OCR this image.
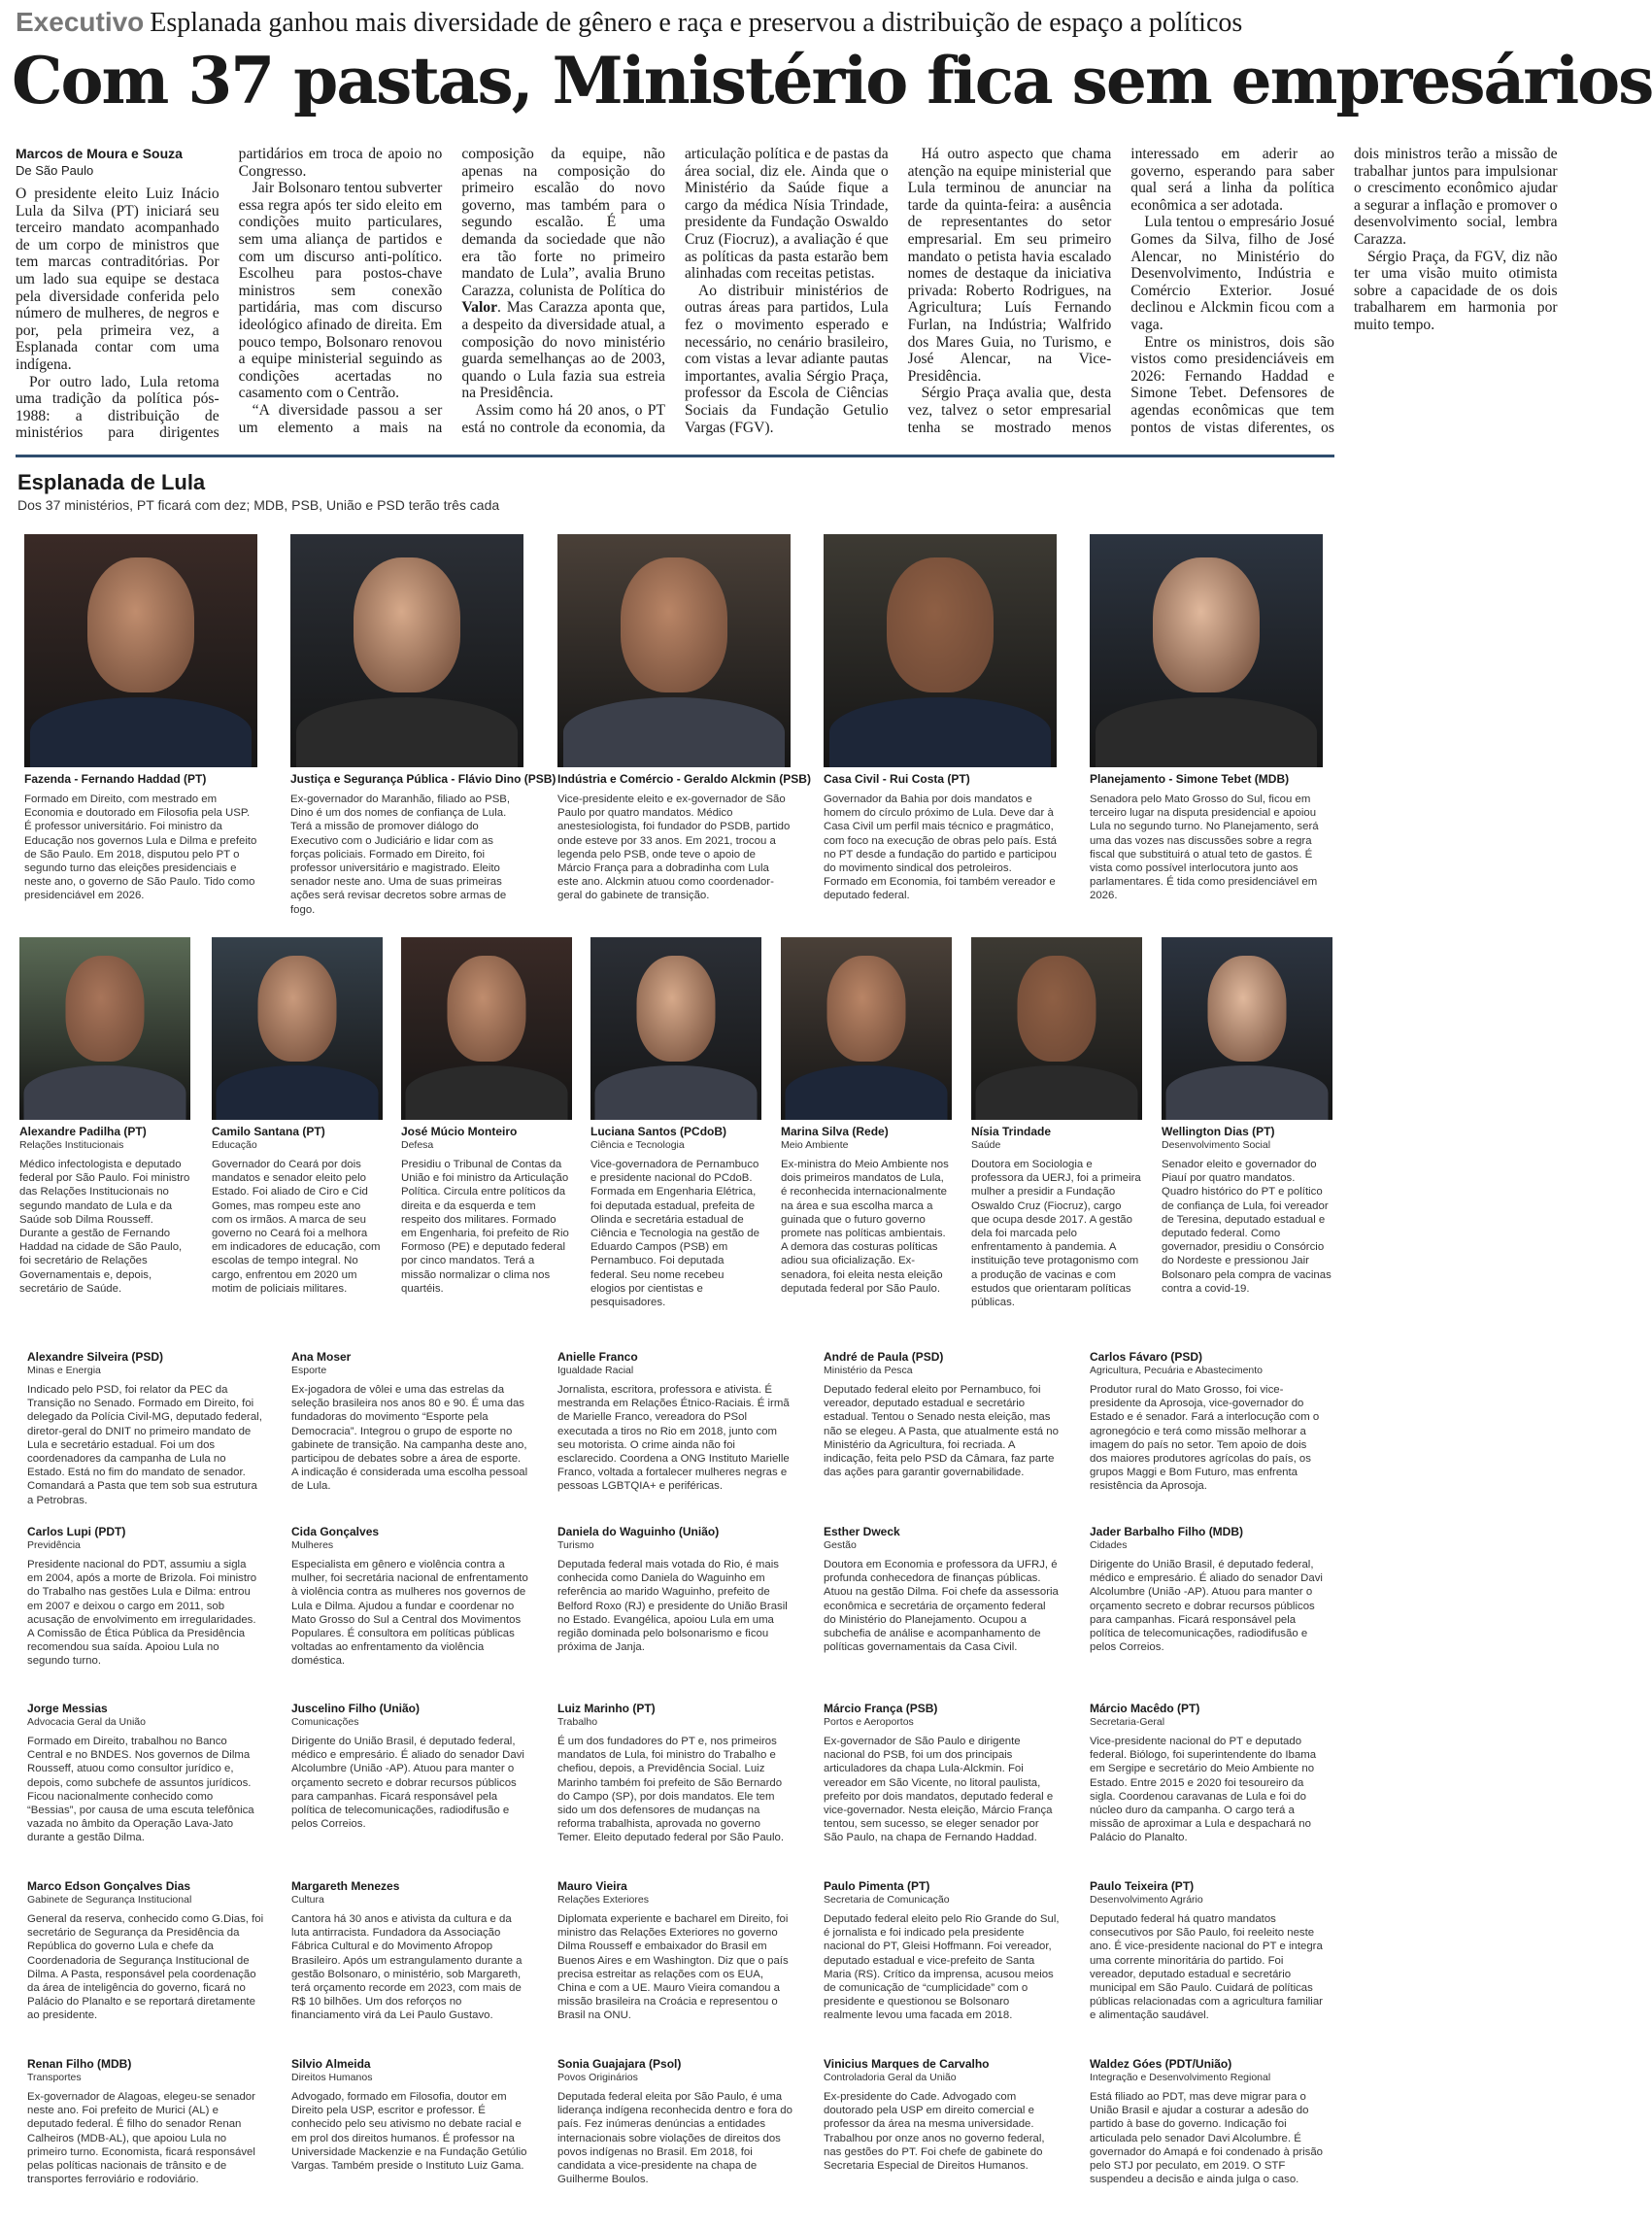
Executivo Esplanada ganhou mais diversidade de gênero e raça e preservou a distribuição de espaço a políticos
Com 37 pastas, Ministério fica sem empresários
Marcos de Moura e Souza
De São Paulo

O presidente eleito Luiz Inácio Lula da Silva (PT) iniciará seu terceiro mandato acompanhado de um corpo de ministros que tem marcas contraditórias. Por um lado sua equipe se destaca pela diversidade conferida pelo número de mulheres, de negros e por, pela primeira vez, a Esplanada contar com uma indígena.

Por outro lado, Lula retoma uma tradição da política pós-1988: a distribuição de ministérios para dirigentes partidários em troca de apoio no Congresso.

Jair Bolsonaro tentou subverter essa regra após ter sido eleito em condições muito particulares, sem uma aliança de partidos e com um discurso anti-político. Escolheu para postos-chave ministros sem conexão partidária, mas com discurso ideológico afinado de direita. Em pouco tempo, Bolsonaro renovou a equipe ministerial seguindo as condições acertadas no casamento com o Centrão.

“A diversidade passou a ser um elemento a mais na composição da equipe, não apenas na composição do primeiro escalão do novo governo, mas também para o segundo escalão. É uma demanda da sociedade que não era tão forte no primeiro mandato de Lula”, avalia Bruno Carazza, colunista de Política do Valor. Mas Carazza aponta que, a despeito da diversidade atual, a composição do novo ministério guarda semelhanças ao de 2003, quando o Lula fazia sua estreia na Presidência.

Assim como há 20 anos, o PT está no controle da economia, da articulação política e de pastas da área social, diz ele. Ainda que o Ministério da Saúde fique a cargo da médica Nísia Trindade, presidente da Fundação Oswaldo Cruz (Fiocruz), a avaliação é que as políticas da pasta estarão bem alinhadas com receitas petistas.

Ao distribuir ministérios de outras áreas para partidos, Lula fez o movimento esperado e necessário, no cenário brasileiro, com vistas a levar adiante pautas importantes, avalia Sérgio Praça, professor da Escola de Ciências Sociais da Fundação Getulio Vargas (FGV).

Há outro aspecto que chama atenção na equipe ministerial que Lula terminou de anunciar na tarde da quinta-feira: a ausência de representantes do setor empresarial. Em seu primeiro mandato o petista havia escalado nomes de destaque da iniciativa privada: Roberto Rodrigues, na Agricultura; Luís Fernando Furlan, na Indústria; Walfrido dos Mares Guia, no Turismo, e José Alencar, na Vice-Presidência.

Sérgio Praça avalia que, desta vez, talvez o setor empresarial tenha se mostrado menos interessado em aderir ao governo, esperando para saber qual será a linha da política econômica a ser adotada.

Lula tentou o empresário Josué Gomes da Silva, filho de José Alencar, no Ministério do Desenvolvimento, Indústria e Comércio Exterior. Josué declinou e Alckmin ficou com a vaga.

Entre os ministros, dois são vistos como presidenciáveis em 2026: Fernando Haddad e Simone Tebet. Defensores de agendas econômicas que tem pontos de vistas diferentes, os dois ministros terão a missão de trabalhar juntos para impulsionar o crescimento econômico ajudar a segurar a inflação e promover o desenvolvimento social, lembra Carazza.

Sérgio Praça, da FGV, diz não ter uma visão muito otimista sobre a capacidade de os dois trabalharem em harmonia por muito tempo.

Esplanada de Lula
Dos 37 ministérios, PT ficará com dez; MDB, PSB, União e PSD terão três cada
Fazenda - Fernando Haddad (PT)
Formado em Direito, com mestrado em Economia e doutorado em Filosofia pela USP. É professor universitário. Foi ministro da Educação nos governos Lula e Dilma e prefeito de São Paulo. Em 2018, disputou pelo PT o segundo turno das eleições presidenciais e neste ano, o governo de São Paulo. Tido como presidenciável em 2026.
Justiça e Segurança Pública - Flávio Dino (PSB)
Ex-governador do Maranhão, filiado ao PSB, Dino é um dos nomes de confiança de Lula. Terá a missão de promover diálogo do Executivo com o Judiciário e lidar com as forças policiais. Formado em Direito, foi professor universitário e magistrado. Eleito senador neste ano. Uma de suas primeiras ações será revisar decretos sobre armas de fogo.
Indústria e Comércio - Geraldo Alckmin (PSB)
Vice-presidente eleito e ex-governador de São Paulo por quatro mandatos. Médico anestesiologista, foi fundador do PSDB, partido onde esteve por 33 anos. Em 2021, trocou a legenda pelo PSB, onde teve o apoio de Márcio França para a dobradinha com Lula este ano. Alckmin atuou como coordenador-geral do gabinete de transição.
Casa Civil - Rui Costa (PT)
Governador da Bahia por dois mandatos e homem do círculo próximo de Lula. Deve dar à Casa Civil um perfil mais técnico e pragmático, com foco na execução de obras pelo país. Está no PT desde a fundação do partido e participou do movimento sindical dos petroleiros. Formado em Economia, foi também vereador e deputado federal.
Planejamento - Simone Tebet (MDB)
Senadora pelo Mato Grosso do Sul, ficou em terceiro lugar na disputa presidencial e apoiou Lula no segundo turno. No Planejamento, será uma das vozes nas discussões sobre a regra fiscal que substituirá o atual teto de gastos. É vista como possível interlocutora junto aos parlamentares. É tida como presidenciável em 2026.
Alexandre Padilha (PT)
Relações Institucionais
Médico infectologista e deputado federal por São Paulo. Foi ministro das Relações Institucionais no segundo mandato de Lula e da Saúde sob Dilma Rousseff. Durante a gestão de Fernando Haddad na cidade de São Paulo, foi secretário de Relações Governamentais e, depois, secretário de Saúde.
Camilo Santana (PT)
Educação
Governador do Ceará por dois mandatos e senador eleito pelo Estado. Foi aliado de Ciro e Cid Gomes, mas rompeu este ano com os irmãos. A marca de seu governo no Ceará foi a melhora em indicadores de educação, com escolas de tempo integral. No cargo, enfrentou em 2020 um motim de policiais militares.
José Múcio Monteiro
Defesa
Presidiu o Tribunal de Contas da União e foi ministro da Articulação Política. Circula entre políticos da direita e da esquerda e tem respeito dos militares. Formado em Engenharia, foi prefeito de Rio Formoso (PE) e deputado federal por cinco mandatos. Terá a missão normalizar o clima nos quartéis.
Luciana Santos (PCdoB)
Ciência e Tecnologia
Vice-governadora de Pernambuco e presidente nacional do PCdoB. Formada em Engenharia Elétrica, foi deputada estadual, prefeita de Olinda e secretária estadual de Ciência e Tecnologia na gestão de Eduardo Campos (PSB) em Pernambuco. Foi deputada federal. Seu nome recebeu elogios por cientistas e pesquisadores.
Marina Silva (Rede)
Meio Ambiente
Ex-ministra do Meio Ambiente nos dois primeiros mandatos de Lula, é reconhecida internacionalmente na área e sua escolha marca a guinada que o futuro governo promete nas políticas ambientais. A demora das costuras políticas adiou sua oficialização. Ex-senadora, foi eleita nesta eleição deputada federal por São Paulo.
Nísia Trindade
Saúde
Doutora em Sociologia e professora da UERJ, foi a primeira mulher a presidir a Fundação Oswaldo Cruz (Fiocruz), cargo que ocupa desde 2017. A gestão dela foi marcada pelo enfrentamento à pandemia. A instituição teve protagonismo com a produção de vacinas e com estudos que orientaram políticas públicas.
Wellington Dias (PT)
Desenvolvimento Social
Senador eleito e governador do Piauí por quatro mandatos. Quadro histórico do PT e político de confiança de Lula, foi vereador de Teresina, deputado estadual e deputado federal. Como governador, presidiu o Consórcio do Nordeste e pressionou Jair Bolsonaro pela compra de vacinas contra a covid-19.
Alexandre Silveira (PSD)
Minas e Energia
Indicado pelo PSD, foi relator da PEC da Transição no Senado. Formado em Direito, foi delegado da Polícia Civil-MG, deputado federal, diretor-geral do DNIT no primeiro mandato de Lula e secretário estadual. Foi um dos coordenadores da campanha de Lula no Estado. Está no fim do mandato de senador. Comandará a Pasta que tem sob sua estrutura a Petrobras.
Ana Moser
Esporte
Ex-jogadora de vôlei e uma das estrelas da seleção brasileira nos anos 80 e 90. É uma das fundadoras do movimento “Esporte pela Democracia”. Integrou o grupo de esporte no gabinete de transição. Na campanha deste ano, participou de debates sobre a área de esporte. A indicação é considerada uma escolha pessoal de Lula.
Anielle Franco
Igualdade Racial
Jornalista, escritora, professora e ativista. É mestranda em Relações Étnico-Raciais. É irmã de Marielle Franco, vereadora do PSol executada a tiros no Rio em 2018, junto com seu motorista. O crime ainda não foi esclarecido. Coordena a ONG Instituto Marielle Franco, voltada a fortalecer mulheres negras e pessoas LGBTQIA+ e periféricas.
André de Paula (PSD)
Ministério da Pesca
Deputado federal eleito por Pernambuco, foi vereador, deputado estadual e secretário estadual. Tentou o Senado nesta eleição, mas não se elegeu. A Pasta, que atualmente está no Ministério da Agricultura, foi recriada. A indicação, feita pelo PSD da Câmara, faz parte das ações para garantir governabilidade.
Carlos Fávaro (PSD)
Agricultura, Pecuária e Abastecimento
Produtor rural do Mato Grosso, foi vice-presidente da Aprosoja, vice-governador do Estado e é senador. Fará a interlocução com o agronegócio e terá como missão melhorar a imagem do país no setor. Tem apoio de dois dos maiores produtores agrícolas do país, os grupos Maggi e Bom Futuro, mas enfrenta resistência da Aprosoja.
Carlos Lupi (PDT)
Previdência
Presidente nacional do PDT, assumiu a sigla em 2004, após a morte de Brizola. Foi ministro do Trabalho nas gestões Lula e Dilma: entrou em 2007 e deixou o cargo em 2011, sob acusação de envolvimento em irregularidades. A Comissão de Ética Pública da Presidência recomendou sua saída. Apoiou Lula no segundo turno.
Cida Gonçalves
Mulheres
Especialista em gênero e violência contra a mulher, foi secretária nacional de enfrentamento à violência contra as mulheres nos governos de Lula e Dilma. Ajudou a fundar e coordenar no Mato Grosso do Sul a Central dos Movimentos Populares. É consultora em políticas públicas voltadas ao enfrentamento da violência doméstica.
Daniela do Waguinho (União)
Turismo
Deputada federal mais votada do Rio, é mais conhecida como Daniela do Waguinho em referência ao marido Waguinho, prefeito de Belford Roxo (RJ) e presidente do União Brasil no Estado. Evangélica, apoiou Lula em uma região dominada pelo bolsonarismo e ficou próxima de Janja.
Esther Dweck
Gestão
Doutora em Economia e professora da UFRJ, é profunda conhecedora de finanças públicas. Atuou na gestão Dilma. Foi chefe da assessoria econômica e secretária de orçamento federal do Ministério do Planejamento. Ocupou a subchefia de análise e acompanhamento de políticas governamentais da Casa Civil.
Jader Barbalho Filho (MDB)
Cidades
Dirigente do União Brasil, é deputado federal, médico e empresário. É aliado do senador Davi Alcolumbre (União -AP). Atuou para manter o orçamento secreto e dobrar recursos públicos para campanhas. Ficará responsável pela política de telecomunicações, radiodifusão e pelos Correios.
Jorge Messias
Advocacia Geral da União
Formado em Direito, trabalhou no Banco Central e no BNDES. Nos governos de Dilma Rousseff, atuou como consultor jurídico e, depois, como subchefe de assuntos jurídicos. Ficou nacionalmente conhecido como “Bessias”, por causa de uma escuta telefônica vazada no âmbito da Operação Lava-Jato durante a gestão Dilma.
Juscelino Filho (União)
Comunicações
Dirigente do União Brasil, é deputado federal, médico e empresário. É aliado do senador Davi Alcolumbre (União -AP). Atuou para manter o orçamento secreto e dobrar recursos públicos para campanhas. Ficará responsável pela política de telecomunicações, radiodifusão e pelos Correios.
Luiz Marinho (PT)
Trabalho
É um dos fundadores do PT e, nos primeiros mandatos de Lula, foi ministro do Trabalho e chefiou, depois, a Previdência Social. Luiz Marinho também foi prefeito de São Bernardo do Campo (SP), por dois mandatos. Ele tem sido um dos defensores de mudanças na reforma trabalhista, aprovada no governo Temer. Eleito deputado federal por São Paulo.
Márcio França (PSB)
Portos e Aeroportos
Ex-governador de São Paulo e dirigente nacional do PSB, foi um dos principais articuladores da chapa Lula-Alckmin. Foi vereador em São Vicente, no litoral paulista, prefeito por dois mandatos, deputado federal e vice-governador. Nesta eleição, Márcio França tentou, sem sucesso, se eleger senador por São Paulo, na chapa de Fernando Haddad.
Márcio Macêdo (PT)
Secretaria-Geral
Vice-presidente nacional do PT e deputado federal. Biólogo, foi superintendente do Ibama em Sergipe e secretário do Meio Ambiente no Estado. Entre 2015 e 2020 foi tesoureiro da sigla. Coordenou caravanas de Lula e foi do núcleo duro da campanha. O cargo terá a missão de aproximar a Lula e despachará no Palácio do Planalto.
Marco Edson Gonçalves Dias
Gabinete de Segurança Institucional
General da reserva, conhecido como G.Dias, foi secretário de Segurança da Presidência da República do governo Lula e chefe da Coordenadoria de Segurança Institucional de Dilma. A Pasta, responsável pela coordenação da área de inteligência do governo, ficará no Palácio do Planalto e se reportará diretamente ao presidente.
Margareth Menezes
Cultura
Cantora há 30 anos e ativista da cultura e da luta antirracista. Fundadora da Associação Fábrica Cultural e do Movimento Afropop Brasileiro. Após um estrangulamento durante a gestão Bolsonaro, o ministério, sob Margareth, terá orçamento recorde em 2023, com mais de R$ 10 bilhões. Um dos reforços no financiamento virá da Lei Paulo Gustavo.
Mauro Vieira
Relações Exteriores
Diplomata experiente e bacharel em Direito, foi ministro das Relações Exteriores no governo Dilma Rousseff e embaixador do Brasil em Buenos Aires e em Washington. Diz que o país precisa estreitar as relações com os EUA, China e com a UE. Mauro Vieira comandou a missão brasileira na Croácia e representou o Brasil na ONU.
Paulo Pimenta (PT)
Secretaria de Comunicação
Deputado federal eleito pelo Rio Grande do Sul, é jornalista e foi indicado pela presidente nacional do PT, Gleisi Hoffmann. Foi vereador, deputado estadual e vice-prefeito de Santa Maria (RS). Crítico da imprensa, acusou meios de comunicação de “cumplicidade” com o presidente e questionou se Bolsonaro realmente levou uma facada em 2018.
Paulo Teixeira (PT)
Desenvolvimento Agrário
Deputado federal há quatro mandatos consecutivos por São Paulo, foi reeleito neste ano. É vice-presidente nacional do PT e integra uma corrente minoritária do partido. Foi vereador, deputado estadual e secretário municipal em São Paulo. Cuidará de políticas públicas relacionadas com a agricultura familiar e alimentação saudável.
Renan Filho (MDB)
Transportes
Ex-governador de Alagoas, elegeu-se senador neste ano. Foi prefeito de Murici (AL) e deputado federal. É filho do senador Renan Calheiros (MDB-AL), que apoiou Lula no primeiro turno. Economista, ficará responsável pelas políticas nacionais de trânsito e de transportes ferroviário e rodoviário.
Silvio Almeida
Direitos Humanos
Advogado, formado em Filosofia, doutor em Direito pela USP, escritor e professor. É conhecido pelo seu ativismo no debate racial e em prol dos direitos humanos. É professor na Universidade Mackenzie e na Fundação Getúlio Vargas. Também preside o Instituto Luiz Gama.
Sonia Guajajara (Psol)
Povos Originários
Deputada federal eleita por São Paulo, é uma liderança indígena reconhecida dentro e fora do país. Fez inúmeras denúncias a entidades internacionais sobre violações de direitos dos povos indígenas no Brasil. Em 2018, foi candidata a vice-presidente na chapa de Guilherme Boulos.
Vinicius Marques de Carvalho
Controladoria Geral da União
Ex-presidente do Cade. Advogado com doutorado pela USP em direito comercial e professor da área na mesma universidade. Trabalhou por onze anos no governo federal, nas gestões do PT. Foi chefe de gabinete do Secretaria Especial de Direitos Humanos.
Waldez Góes (PDT/União)
Integração e Desenvolvimento Regional
Está filiado ao PDT, mas deve migrar para o União Brasil e ajudar a costurar a adesão do partido à base do governo. Indicação foi articulada pelo senador Davi Alcolumbre. É governador do Amapá e foi condenado à prisão pelo STJ por peculato, em 2019. O STF suspendeu a decisão e ainda julga o caso.
